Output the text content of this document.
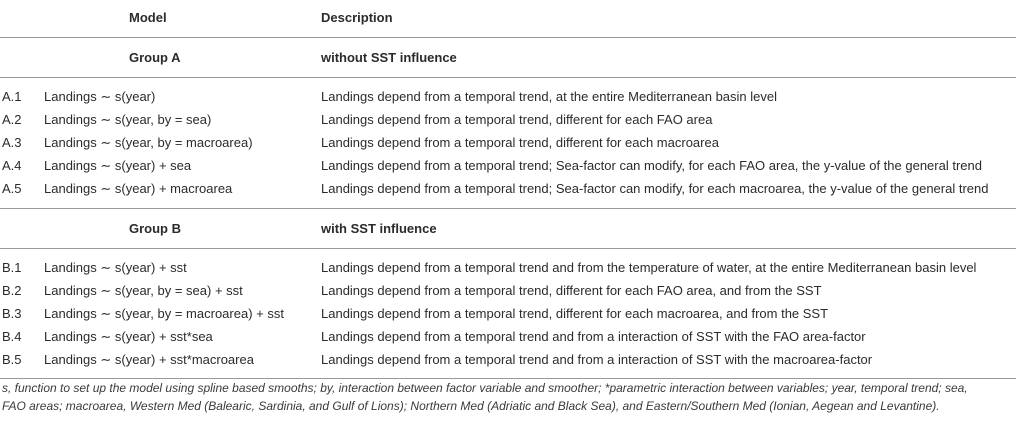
Model	Description
Group A	without SST influence
A.1 Landings ∼ s(year)	Landings depend from a temporal trend, at the entire Mediterranean basin level
A.2 Landings ∼ s(year, by = sea)	Landings depend from a temporal trend, different for each FAO area
A.3 Landings ∼ s(year, by = macroarea)	Landings depend from a temporal trend, different for each macroarea
A.4 Landings ∼ s(year) + sea	Landings depend from a temporal trend; Sea-factor can modify, for each FAO area, the y-value of the general trend
A.5 Landings ∼ s(year) + macroarea	Landings depend from a temporal trend; Sea-factor can modify, for each macroarea, the y-value of the general trend
Group B	with SST influence
B.1 Landings ∼ s(year) + sst	Landings depend from a temporal trend and from the temperature of water, at the entire Mediterranean basin level
B.2 Landings ∼ s(year, by = sea) + sst	Landings depend from a temporal trend, different for each FAO area, and from the SST
B.3 Landings ∼ s(year, by = macroarea) + sst	Landings depend from a temporal trend, different for each macroarea, and from the SST
B.4 Landings ∼ s(year) + sst*sea	Landings depend from a temporal trend and from a interaction of SST with the FAO area-factor
B.5 Landings ∼ s(year) + sst*macroarea	Landings depend from a temporal trend and from a interaction of SST with the macroarea-factor
s, function to set up the model using spline based smooths; by, interaction between factor variable and smoother; *parametric interaction between variables; year, temporal trend; sea,
FAO areas; macroarea, Western Med (Balearic, Sardinia, and Gulf of Lions); Northern Med (Adriatic and Black Sea), and Eastern/Southern Med (Ionian, Aegean and Levantine).
